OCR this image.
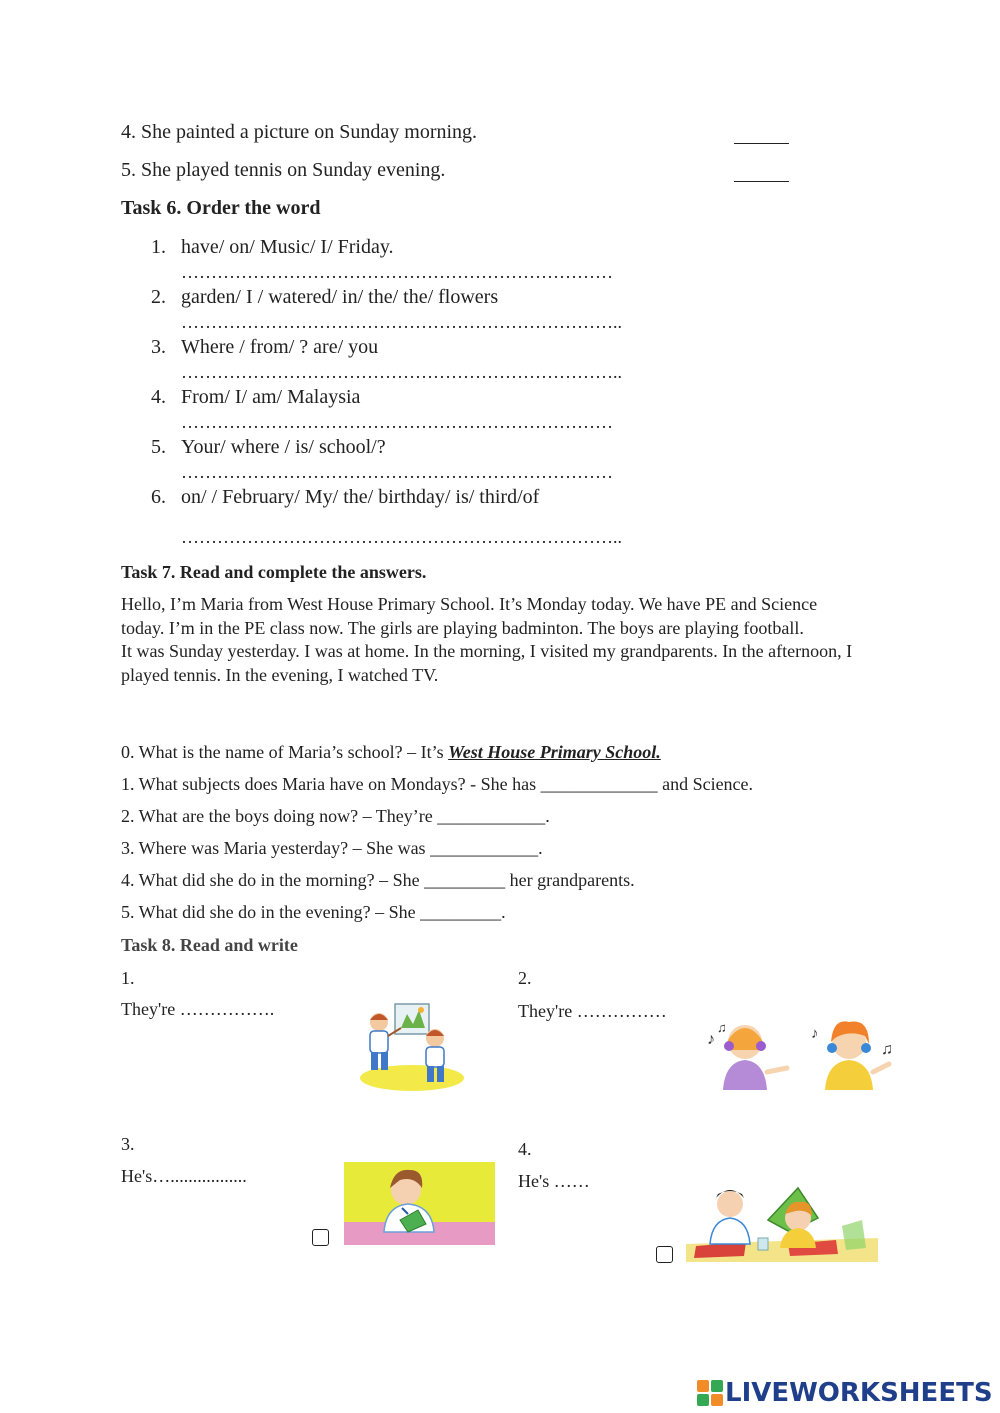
4. She painted a picture on Sunday morning.
5. She played tennis on Sunday evening.
Task 6. Order the word
1. have/ on/ Music/ I/ Friday.
………………………………………………………………
2. garden/ I / watered/ in/ the/ the/ flowers
………………………………………………………………..
3. Where / from/ ? are/ you
………………………………………………………………..
4. From/ I/ am/ Malaysia
………………………………………………………………
5. Your/ where / is/ school/?
………………………………………………………………
6. on/ / February/ My/ the/ birthday/ is/ third/of
………………………………………………………………..
Task 7. Read and complete the answers.

Hello, I’m Maria from West House Primary School. It’s Monday today. We have PE and Science today. I’m in the PE class now. The girls are playing badminton. The boys are playing football.

It was Sunday yesterday. I was at home. In the morning, I visited my grandparents. In the afternoon, I played tennis. In the evening, I watched TV.

0. What is the name of Maria’s school? – It’s West House Primary School.
1. What subjects does Maria have on Mondays? - She has _____________ and Science.
2. What are the boys doing now? – They’re ____________.
3. Where was Maria yesterday? – She was ____________.
4. What did she do in the morning? – She _________ her grandparents.
5. What did she do in the evening? – She _________.
Task 8. Read and write
1.
They're …………….
2.
They're ……………
3.
He's….................
4.
He's ……
♪
♫	♪
♫
LIVEWORKSHEETS
